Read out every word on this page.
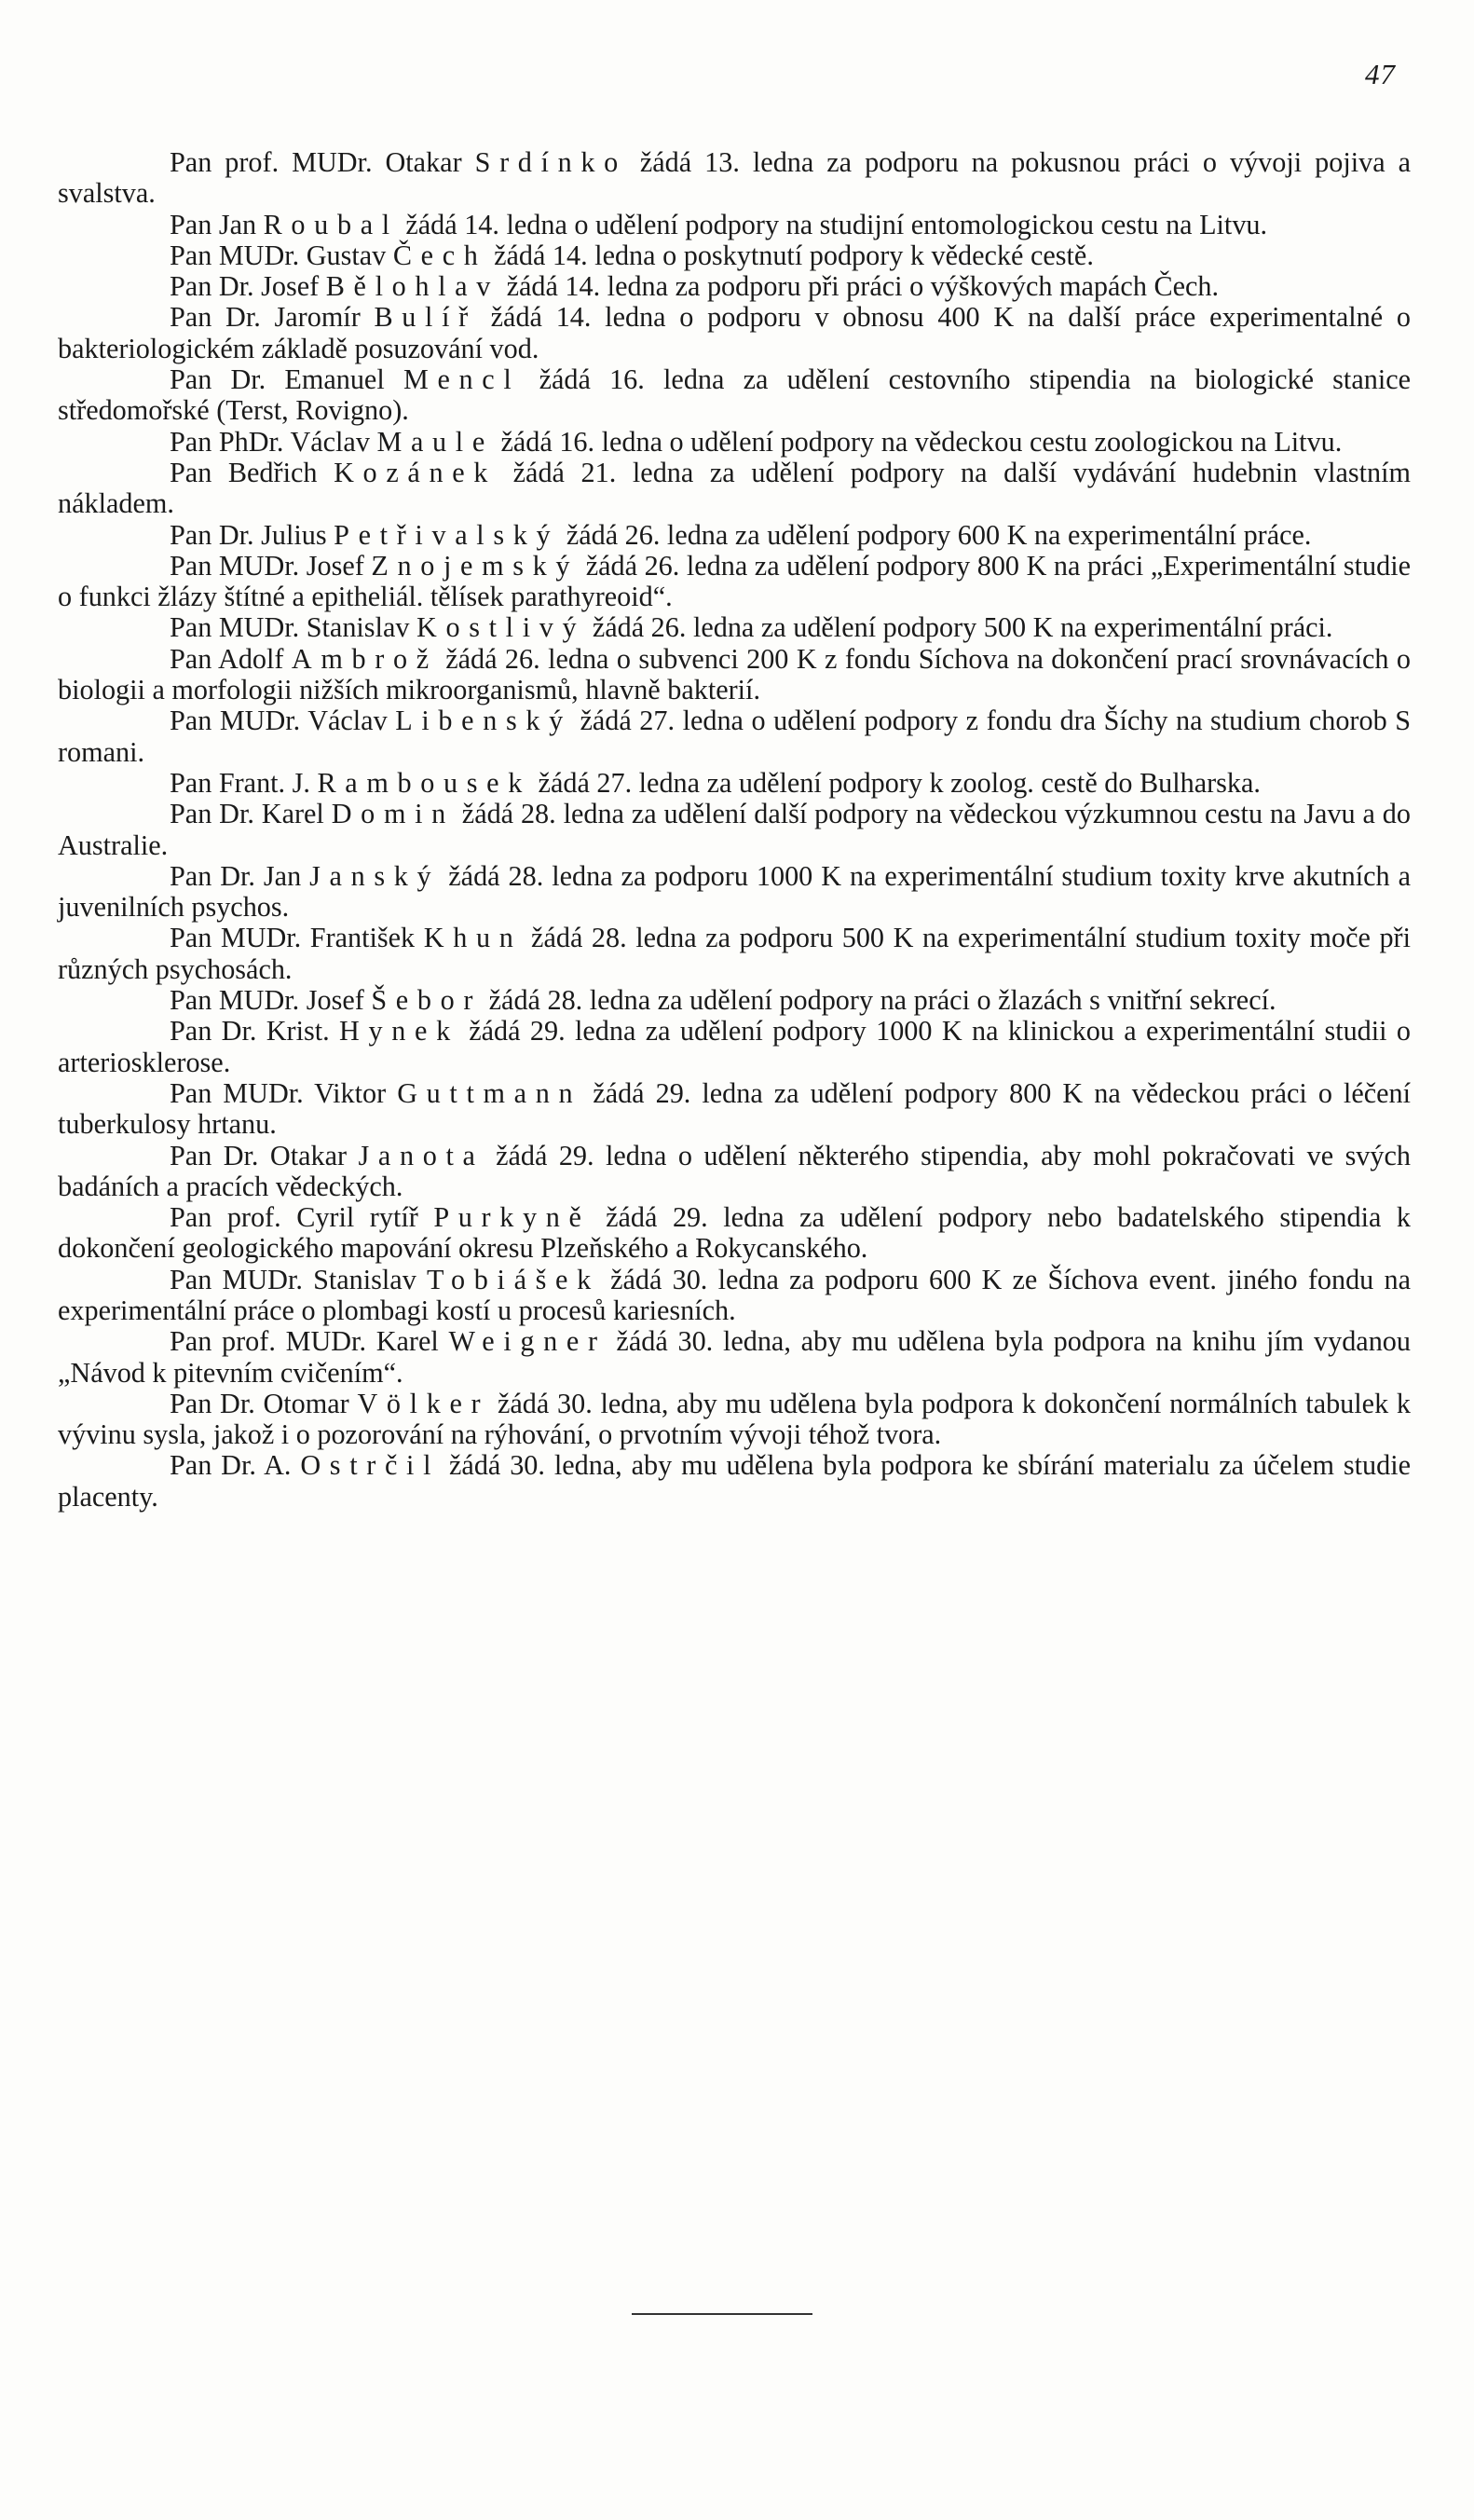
47

Pan prof. MUDr. Otakar Srdínko žádá 13. ledna za podporu na pokusnou práci o vývoji pojiva a svalstva.

Pan Jan Roubal žádá 14. ledna o udělení podpory na studijní entomologickou cestu na Litvu.

Pan MUDr. Gustav Čech žádá 14. ledna o poskytnutí podpory k vědecké cestě.

Pan Dr. Josef Bělohlav žádá 14. ledna za podporu při práci o výškových mapách Čech.

Pan Dr. Jaromír Bulíř žádá 14. ledna o podporu v obnosu 400 K na další práce experimentalné o bakteriologickém základě posuzování vod.

Pan Dr. Emanuel Mencl žádá 16. ledna za udělení cestovního stipendia na biologické stanice středomořské (Terst, Rovigno).

Pan PhDr. Václav Maule žádá 16. ledna o udělení podpory na vědeckou cestu zoologickou na Litvu.

Pan Bedřich Kozánek žádá 21. ledna za udělení podpory na další vydávání hudebnin vlastním nákladem.

Pan Dr. Julius Petřivalský žádá 26. ledna za udělení podpory 600 K na experimentální práce.

Pan MUDr. Josef Znojemský žádá 26. ledna za udělení podpory 800 K na práci „Experimentální studie o funkci žlázy štítné a epitheliál. tělísek parathyreoid“.

Pan MUDr. Stanislav Kostlivý žádá 26. ledna za udělení podpory 500 K na experimentální práci.

Pan Adolf Ambrož žádá 26. ledna o subvenci 200 K z fondu Síchova na dokončení prací srovnávacích o biologii a morfologii nižších mikroorganismů, hlavně bakterií.

Pan MUDr. Václav Libenský žádá 27. ledna o udělení podpory z fondu dra Šíchy na studium chorob S romani.

Pan Frant. J. Rambousek žádá 27. ledna za udělení podpory k zoolog. cestě do Bulharska.

Pan Dr. Karel Domin žádá 28. ledna za udělení další podpory na vědeckou výzkumnou cestu na Javu a do Australie.

Pan Dr. Jan Janský žádá 28. ledna za podporu 1000 K na experimentální studium toxity krve akutních a juvenilních psychos.

Pan MUDr. František Khun žádá 28. ledna za podporu 500 K na experimentální studium toxity moče při různých psychosách.

Pan MUDr. Josef Šebor žádá 28. ledna za udělení podpory na práci o žlazách s vnitřní sekrecí.

Pan Dr. Krist. Hynek žádá 29. ledna za udělení podpory 1000 K na klinickou a experimentální studii o arteriosklerose.

Pan MUDr. Viktor Guttmann žádá 29. ledna za udělení podpory 800 K na vědeckou práci o léčení tuberkulosy hrtanu.

Pan Dr. Otakar Janota žádá 29. ledna o udělení některého stipendia, aby mohl pokračovati ve svých badáních a pracích vědeckých.

Pan prof. Cyril rytíř Purkyně žádá 29. ledna za udělení podpory nebo badatelského stipendia k dokončení geologického mapování okresu Plzeňského a Rokycanského.

Pan MUDr. Stanislav Tobiášek žádá 30. ledna za podporu 600 K ze Šíchova event. jiného fondu na experimentální práce o plombagi kostí u procesů kariesních.

Pan prof. MUDr. Karel Weigner žádá 30. ledna, aby mu udělena byla podpora na knihu jím vydanou „Návod k pitevním cvičením“.

Pan Dr. Otomar Völker žádá 30. ledna, aby mu udělena byla podpora k dokončení normálních tabulek k vývinu sysla, jakož i o pozorování na rýhování, o prvotním vývoji téhož tvora.

Pan Dr. A. Ostrčil žádá 30. ledna, aby mu udělena byla podpora ke sbírání materialu za účelem studie placenty.
